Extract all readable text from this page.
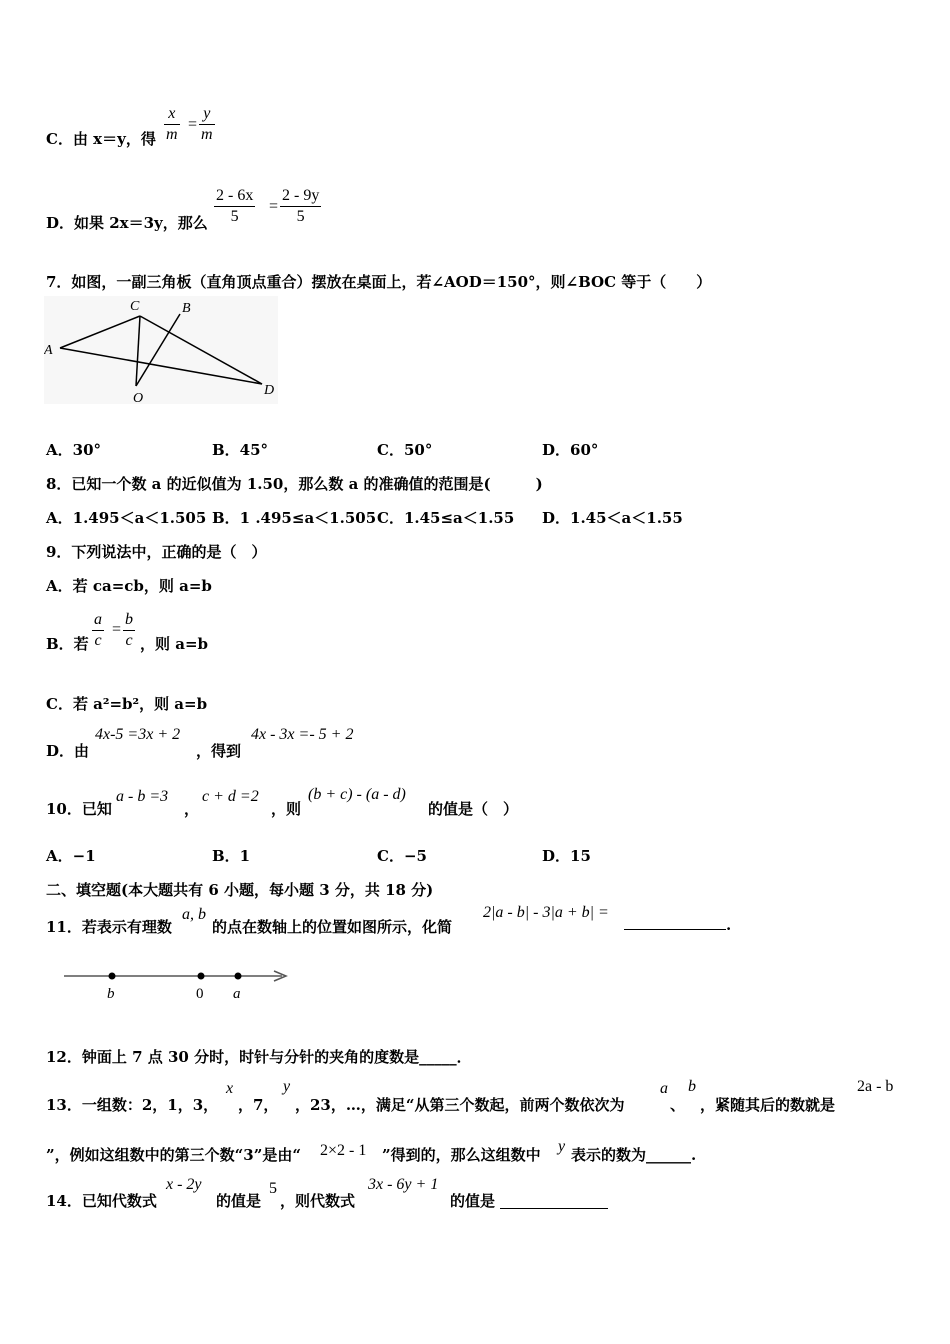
C．由 x＝y，得 $\frac{x}{m} = \frac{y}{m}$
D．如果 2x＝3y，那么 $\frac{2 - 6x}{5} = \frac{2 - 9y}{5}$
7．如图，一副三角板（直角顶点重合）摆放在桌面上，若∠AOD＝150°，则∠BOC 等于（　　）
A
C	B
O
D
A．30°	B．45°	C．50°	D．60°
8．已知一个数 a 的近似值为 1.50，那么数 a 的准确值的范围是(　　　)
A．1.495＜a＜1.505 B．1 .495≤a＜1.505 C．1.45≤a＜1.55 D．1.45＜a＜1.55
9．下列说法中，正确的是（　）
A．若 ca=cb，则 a=b
B．若 $\frac{a}{c} = \frac{b}{c}$ ，则 a=b
C．若 a²=b²，则 a=b
D．由
4x-5 =3x + 2
，得到
4x - 3x =- 5 + 2
10．已知
a - b =3
，
c + d =2
，则
(b + c) - (a - d)
的值是（　）
A．−1	B．1	C．−5	D．15
二、填空题(本大题共有 6 小题，每小题 3 分，共 18 分)
11．若表示有理数
a, b
的点在数轴上的位置如图所示，化简
2|a - b| - 3|a + b| =
.
b	0 a
12．钟面上 7 点 30 分时，时针与分针的夹角的度数是_____．
13．一组数：2，1，3，
x
，7，
y
，23，…，满足“从第三个数起，前两个数依次为
a
、
b
，紧随其后的数就是
2a - b
”，例如这组数中的第三个数“3”是由“ 2×2 - 1 ”得到的，那么这组数中 y 表示的数为______.
14．已知代数式
x - 2y
的值是
5
，则代数式
3x - 6y + 1
的值是
